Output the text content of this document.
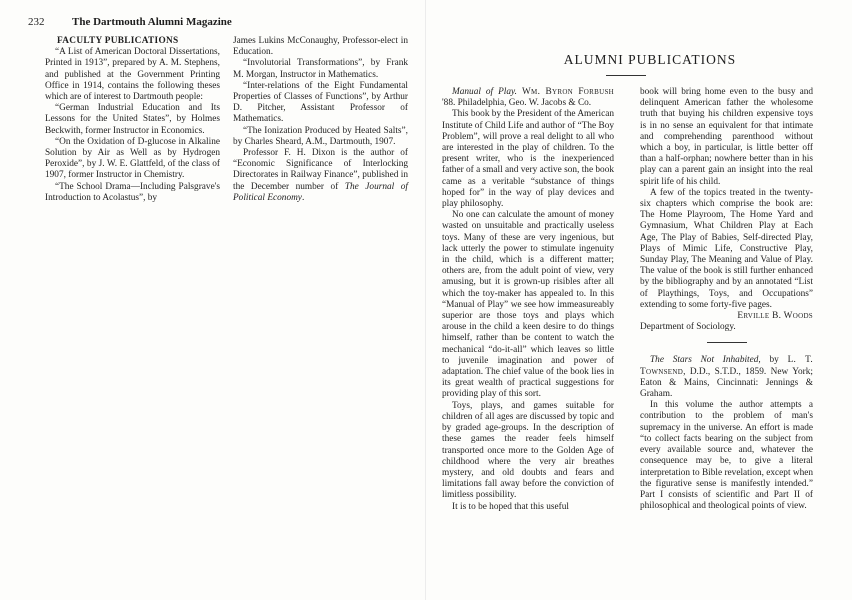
232	The Dartmouth Alumni Magazine

FACULTY PUBLICATIONS

“A List of American Doctoral Dissertations, Printed in 1913”, prepared by A. M. Stephens, and published at the Government Printing Office in 1914, contains the following theses which are of interest to Dartmouth people:

“German Industrial Education and Its Lessons for the United States”, by Holmes Beckwith, former Instructor in Economics.

“On the Oxidation of D-glucose in Alkaline Solution by Air as Well as by Hydrogen Peroxide”, by J. W. E. Glattfeld, of the class of 1907, former Instructor in Chemistry.

“The School Drama—Including Palsgrave's Introduction to Acolastus”, by

James Lukins McConaughy, Professor-elect in Education.

“Involutorial Transformations”, by Frank M. Morgan, Instructor in Mathematics.

“Inter-relations of the Eight Fundamental Properties of Classes of Functions”, by Arthur D. Pitcher, Assistant Professor of Mathematics.

“The Ionization Produced by Heated Salts”, by Charles Sheard, A.M., Dartmouth, 1907.

Professor F. H. Dixon is the author of “Economic Significance of Interlocking Directorates in Railway Finance”, published in the December number of The Journal of Political Economy.

ALUMNI PUBLICATIONS

Manual of Play. Wm. Byron Forbush '88. Philadelphia, Geo. W. Jacobs & Co.

This book by the President of the American Institute of Child Life and author of “The Boy Problem”, will prove a real delight to all who are interested in the play of children. To the present writer, who is the inexperienced father of a small and very active son, the book came as a veritable “substance of things hoped for” in the way of play devices and play philosophy.

No one can calculate the amount of money wasted on unsuitable and practically useless toys. Many of these are very ingenious, but lack utterly the power to stimulate ingenuity in the child, which is a different matter; others are, from the adult point of view, very amusing, but it is grown-up risibles after all which the toy-maker has appealed to. In this “Manual of Play” we see how immeasureably superior are those toys and plays which arouse in the child a keen desire to do things himself, rather than be content to watch the mechanical “do-it-all” which leaves so little to juvenile imagination and power of adaptation. The chief value of the book lies in its great wealth of practical suggestions for providing play of this sort.

Toys, plays, and games suitable for children of all ages are discussed by topic and by graded age-groups. In the description of these games the reader feels himself transported once more to the Golden Age of childhood where the very air breathes mystery, and old doubts and fears and limitations fall away before the conviction of limitless possibility.

It is to be hoped that this useful

book will bring home even to the busy and delinquent American father the wholesome truth that buying his children expensive toys is in no sense an equivalent for that intimate and comprehending parenthood without which a boy, in particular, is little better off than a half-orphan; nowhere better than in his play can a parent gain an insight into the real spirit life of his child.

A few of the topics treated in the twenty-six chapters which comprise the book are: The Home Playroom, The Home Yard and Gymnasium, What Children Play at Each Age, The Play of Babies, Self-directed Play, Plays of Mimic Life, Constructive Play, Sunday Play, The Meaning and Value of Play. The value of the book is still further enhanced by the bibliography and by an annotated “List of Playthings, Toys, and Occupations” extending to some forty-five pages.

Erville B. Woods

Department of Sociology.

The Stars Not Inhabited, by L. T. Townsend, D.D., S.T.D., 1859. New York; Eaton & Mains, Cincinnati: Jennings & Graham.

In this volume the author attempts a contribution to the problem of man's supremacy in the universe. An effort is made “to collect facts bearing on the subject from every available source and, whatever the consequence may be, to give a literal interpretation to Bible revelation, except when the figurative sense is manifestly intended.” Part I consists of scientific and Part II of philosophical and theological points of view.
